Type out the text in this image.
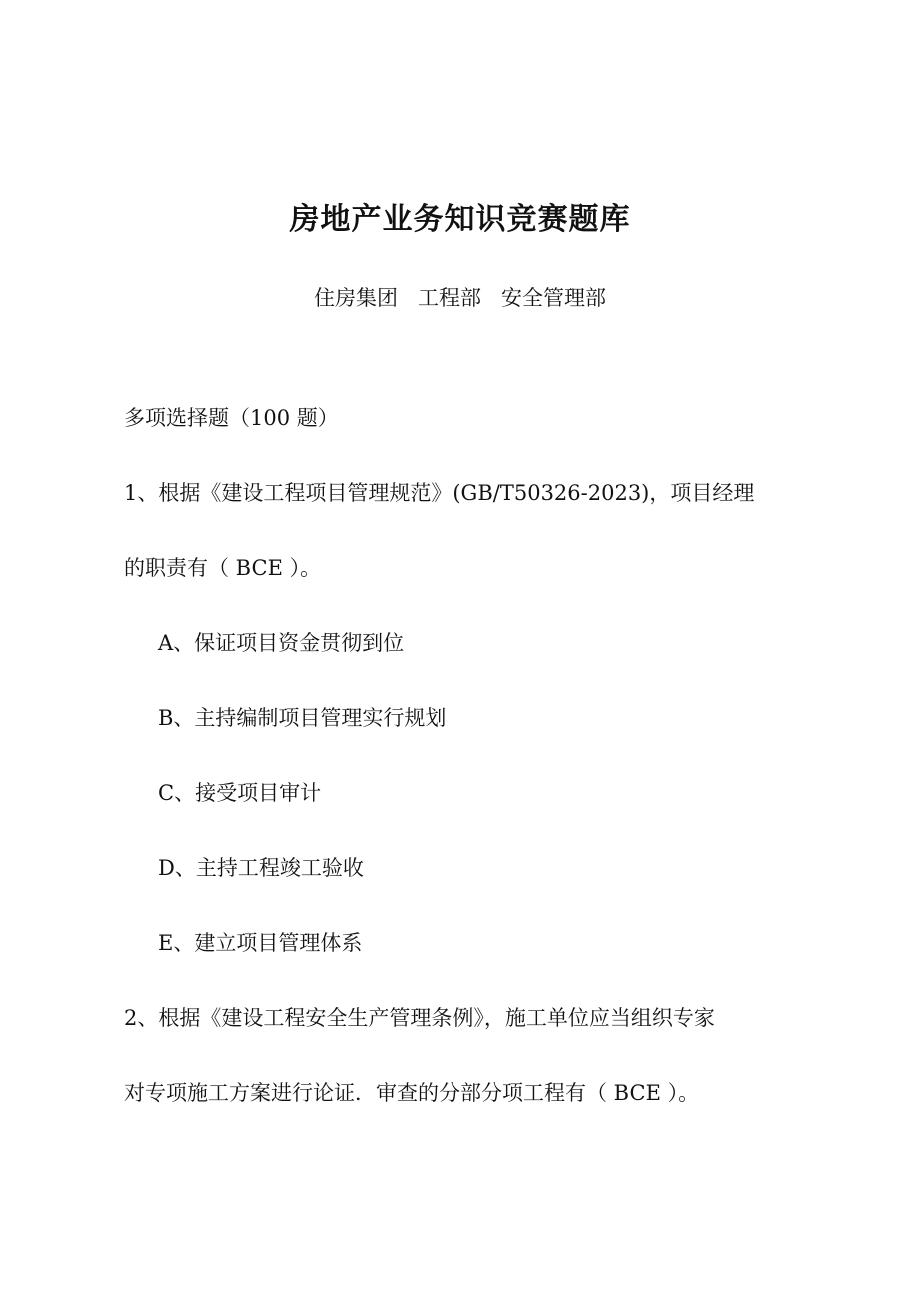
房地产业务知识竞赛题库
住房集团   工程部   安全管理部

多项选择题（100 题）

1、根据《建设工程项目管理规范》(GB/T50326-2023)，项目经理

的职责有（ BCE ）。

A、保证项目资金贯彻到位

B、主持编制项目管理实行规划

C、接受项目审计

D、主持工程竣工验收

E、建立项目管理体系

2、根据《建设工程安全生产管理条例》，施工单位应当组织专家

对专项施工方案进行论证．审查的分部分项工程有（ BCE ）。
